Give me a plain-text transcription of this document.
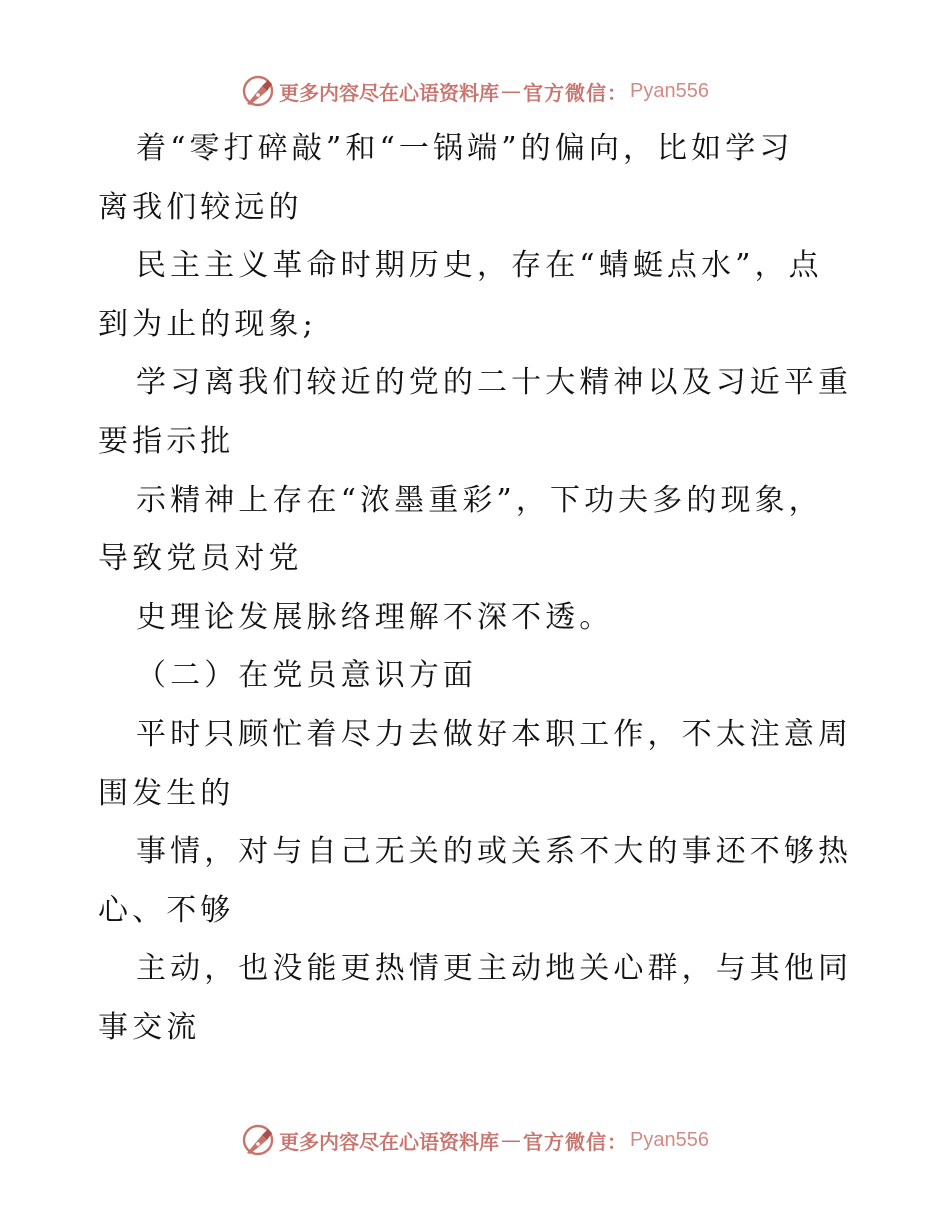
更多内容尽在心语资料库 — 官方微信： Pyan556
着“零打碎敲”和“一锅端”的偏向，比如学习
离我们较远的
民主主义革命时期历史，存在“蜻蜓点水”，点
到为止的现象;
学习离我们较近的党的二十大精神以及习近平重
要指示批
示精神上存在“浓墨重彩”，下功夫多的现象，
导致党员对党
史理论发展脉络理解不深不透。
（二）在党员意识方面
平时只顾忙着尽力去做好本职工作，不太注意周
围发生的
事情，对与自己无关的或关系不大的事还不够热
心、不够
主动，也没能更热情更主动地关心群，与其他同
事交流
更多内容尽在心语资料库 — 官方微信： Pyan556
